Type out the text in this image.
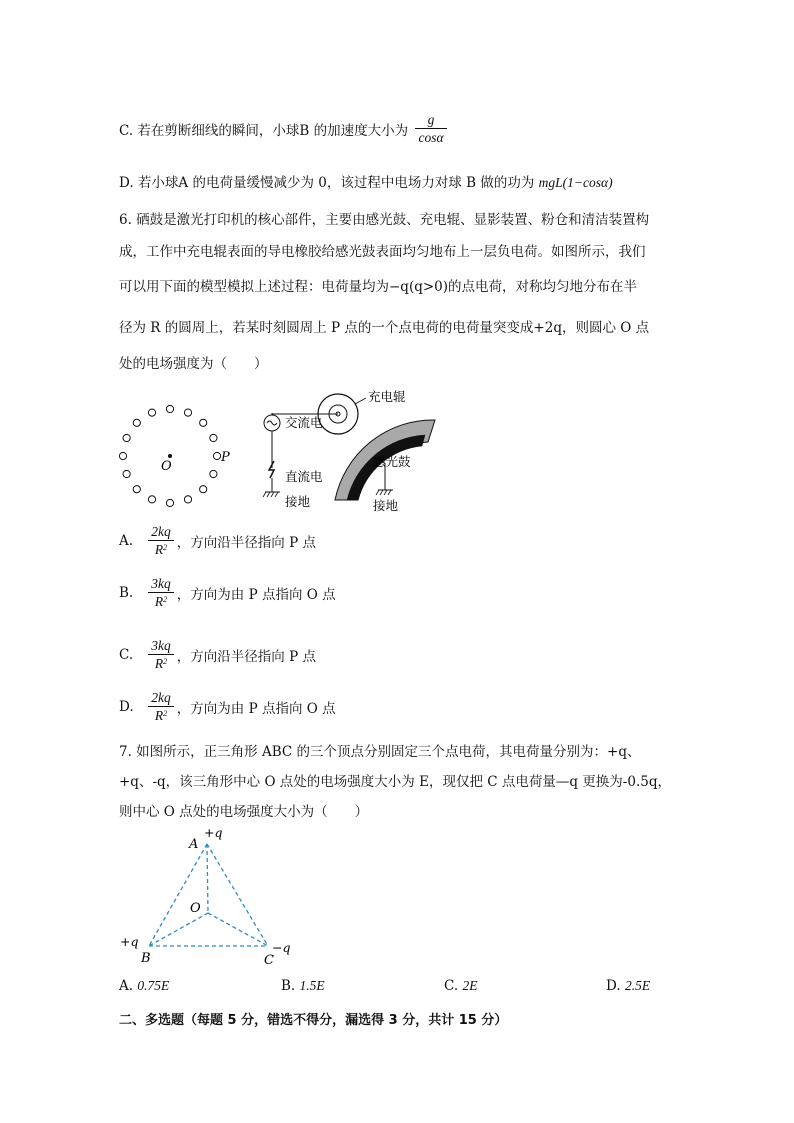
C. 若在剪断细线的瞬间，小球B 的加速度大小为 $\frac{g}{\cos\alpha}$
D. 若小球A 的电荷量缓慢减少为 0，该过程中电场力对球 B 做的功为 mgL(1−cosα)
6. 硒鼓是激光打印机的核心部件，主要由感光鼓、充电辊、显影装置、粉仓和清洁装置构
成，工作中充电辊表面的导电橡胶给感光鼓表面均匀地布上一层负电荷。如图所示，我们
可以用下面的模型模拟上述过程：电荷量均为−q(q>0)的点电荷，对称均匀地分布在半
径为 R 的圆周上，若某时刻圆周上 P 点的一个点电荷的电荷量突变成+2q，则圆心 O 点
处的电场强度为（　　）
O
P
充电辊
交流电
直流电
接地
感光鼓
接地
A. $\frac{2kq}{R^2}$ ，方向沿半径指向 P 点
B. $\frac{3kq}{R^2}$ ，方向为由 P 点指向 O 点
C. $\frac{3kq}{R^2}$ ，方向沿半径指向 P 点
D. $\frac{2kq}{R^2}$ ，方向为由 P 点指向 O 点
7. 如图所示，正三角形 ABC 的三个顶点分别固定三个点电荷，其电荷量分别为：+q、
+q、-q，该三角形中心 O 点处的电场强度大小为 E，现仅把 C 点电荷量—q 更换为-0.5q，
则中心 O 点处的电场强度大小为（　　）
+q
A
O
+q
B
−q
C
A. 0.75E	B. 1.5E	C. 2E	D. 2.5E
二、多选题（每题 5 分，错选不得分，漏选得 3 分，共计 15 分）
